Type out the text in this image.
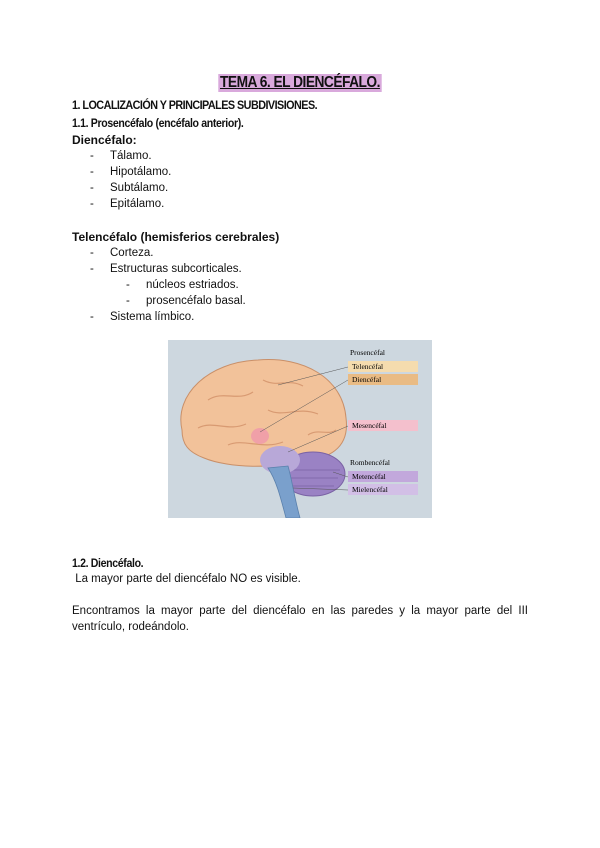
TEMA 6. EL DIENCÉFALO.
1. LOCALIZACIÓN Y PRINCIPALES SUBDIVISIONES.
1.1. Prosencéfalo (encéfalo anterior).
Diencéfalo:
- Tálamo.
- Hipotálamo.
- Subtálamo.
- Epitálamo.
Telencéfalo (hemisferios cerebrales)
- Corteza.
- Estructuras subcorticales.
- núcleos estriados.
- prosencéfalo basal.
- Sistema límbico.
Prosencéfal
Telencéfal
Diencéfal
Mesencéfal
Rombencéfal
Metencéfal
Mielencéfal
1.2. Diencéfalo.
La mayor parte del diencéfalo NO es visible.
Encontramos la mayor parte del diencéfalo en las paredes y la mayor parte del III ventrículo, rodeándolo.
